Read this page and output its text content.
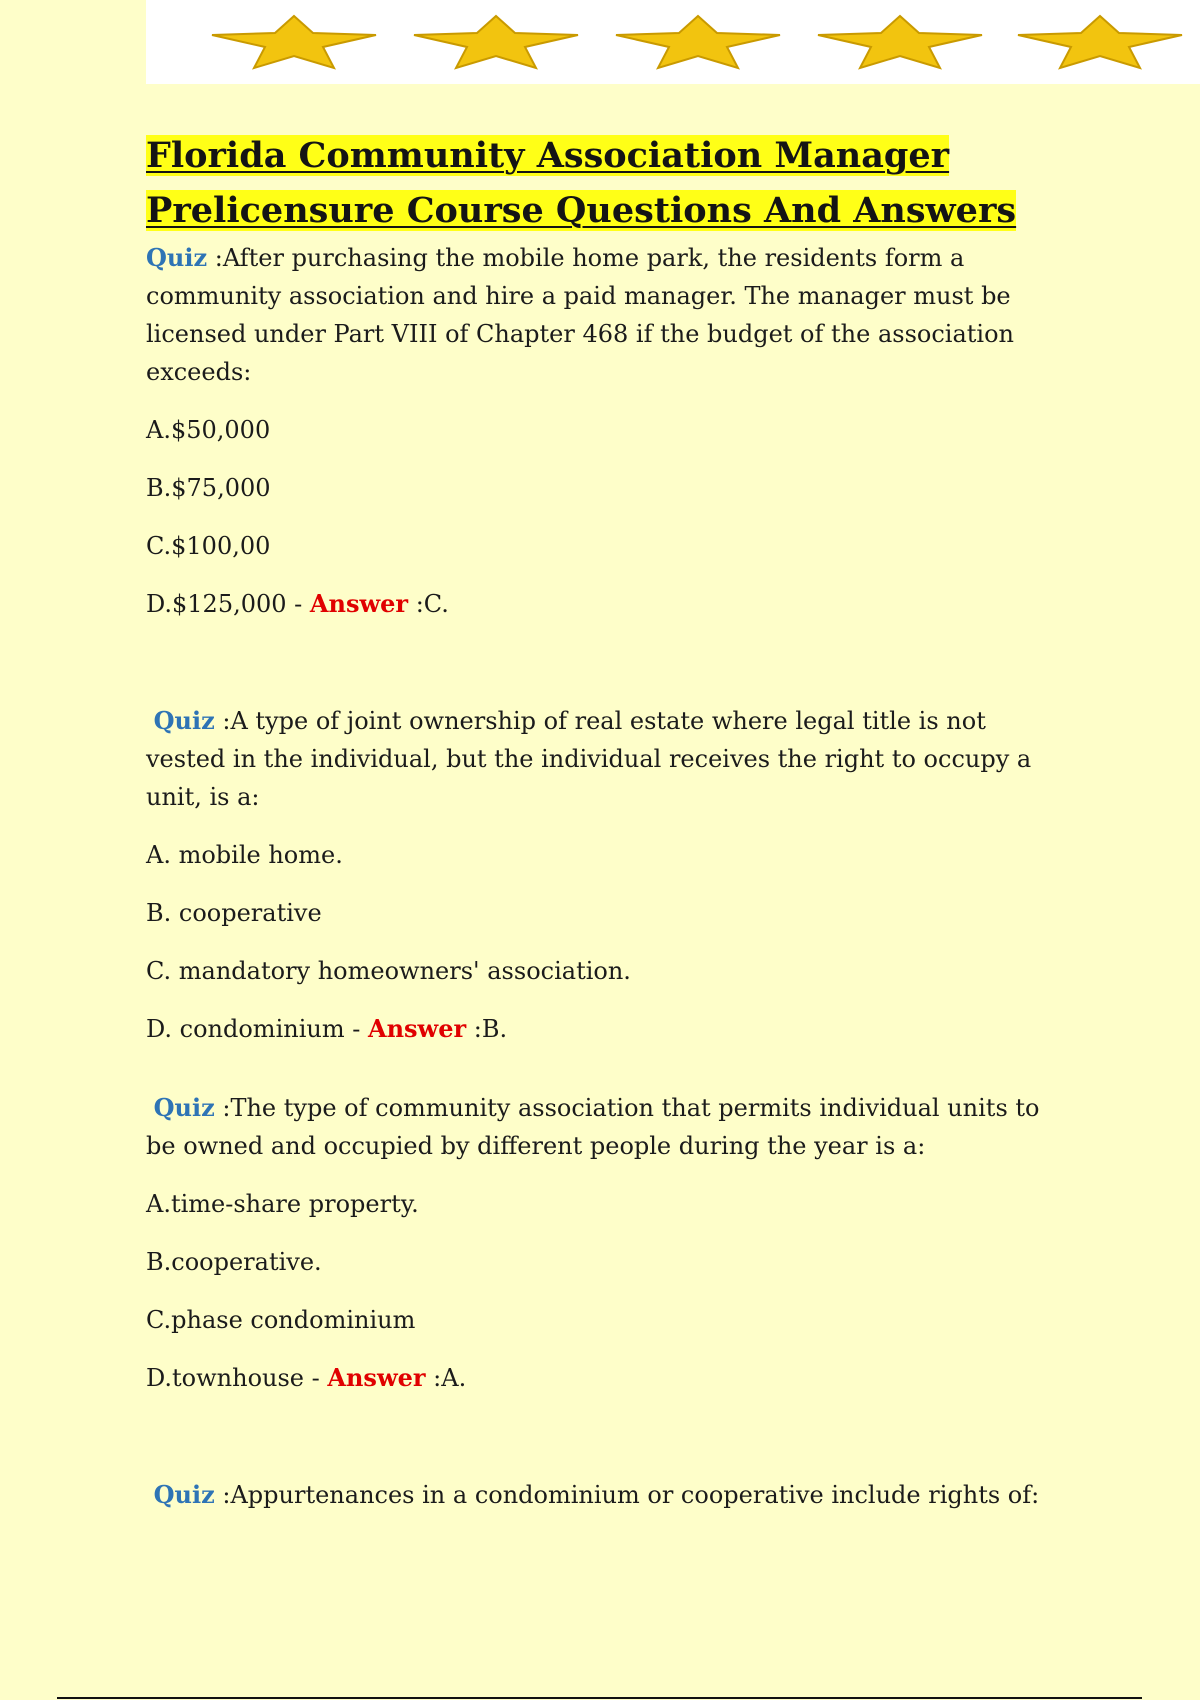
Florida Community Association Manager
Prelicensure Course Questions And Answers

Quiz :After purchasing the mobile home park, the residents form a community association and hire a paid manager. The manager must be licensed under Part VIII of Chapter 468 if the budget of the association exceeds:

A.$50,000

B.$75,000

C.$100,00

D.$125,000 - Answer :C.

Quiz :A type of joint ownership of real estate where legal title is not vested in the individual, but the individual receives the right to occupy a unit, is a:

A. mobile home.

B. cooperative

C. mandatory homeowners' association.

D. condominium - Answer :B.

Quiz :The type of community association that permits individual units to be owned and occupied by different people during the year is a:

A.time-share property.

B.cooperative.

C.phase condominium

D.townhouse - Answer :A.

Quiz :Appurtenances in a condominium or cooperative include rights of:
